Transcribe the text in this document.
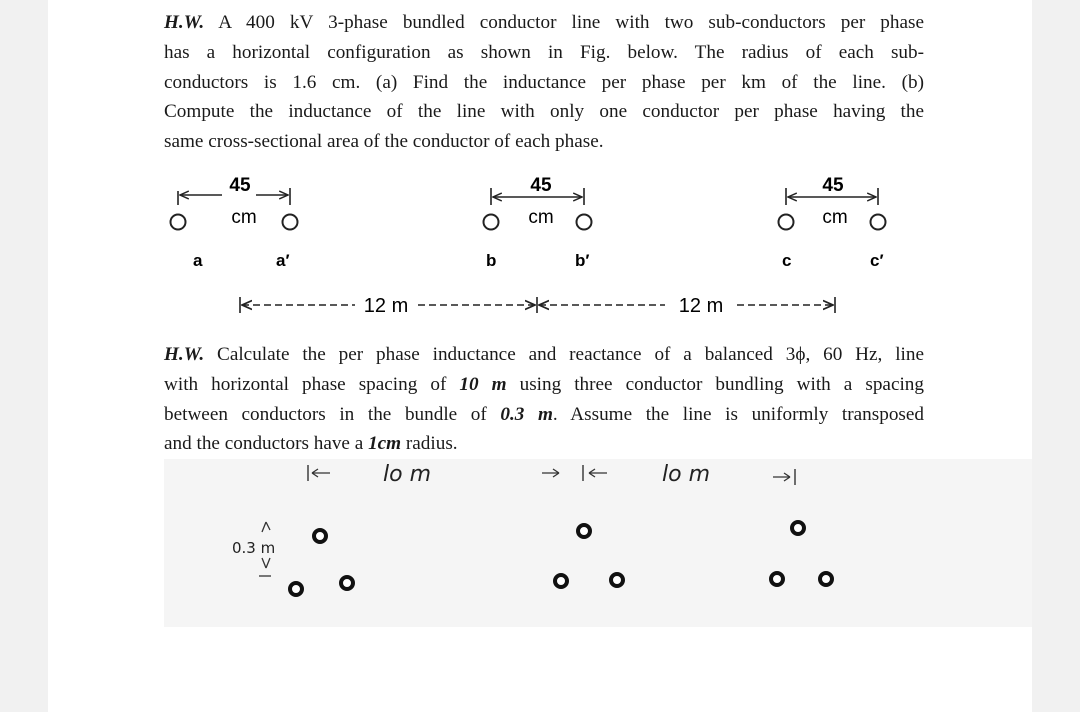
H.W. A 400 kV 3-phase bundled conductor line with two sub-conductors per phase
has a horizontal configuration as shown in Fig. below. The radius of each sub-
conductors is 1.6 cm. (a) Find the inductance per phase per km of the line. (b)
Compute the inductance of the line with only one conductor per phase having the
same cross-sectional area of the conductor of each phase.
45
cm
a	a′
45
cm
b	b′
45
cm
c	c′
12 m	12 m
H.W. Calculate the per phase inductance and reactance of a balanced 3ϕ, 60 Hz, line
with horizontal phase spacing of 10 m using three conductor bundling with a spacing
between conductors in the bundle of 0.3 m. Assume the line is uniformly transposed
and the conductors have a 1cm radius.
lo m	lo m
0.3 m
